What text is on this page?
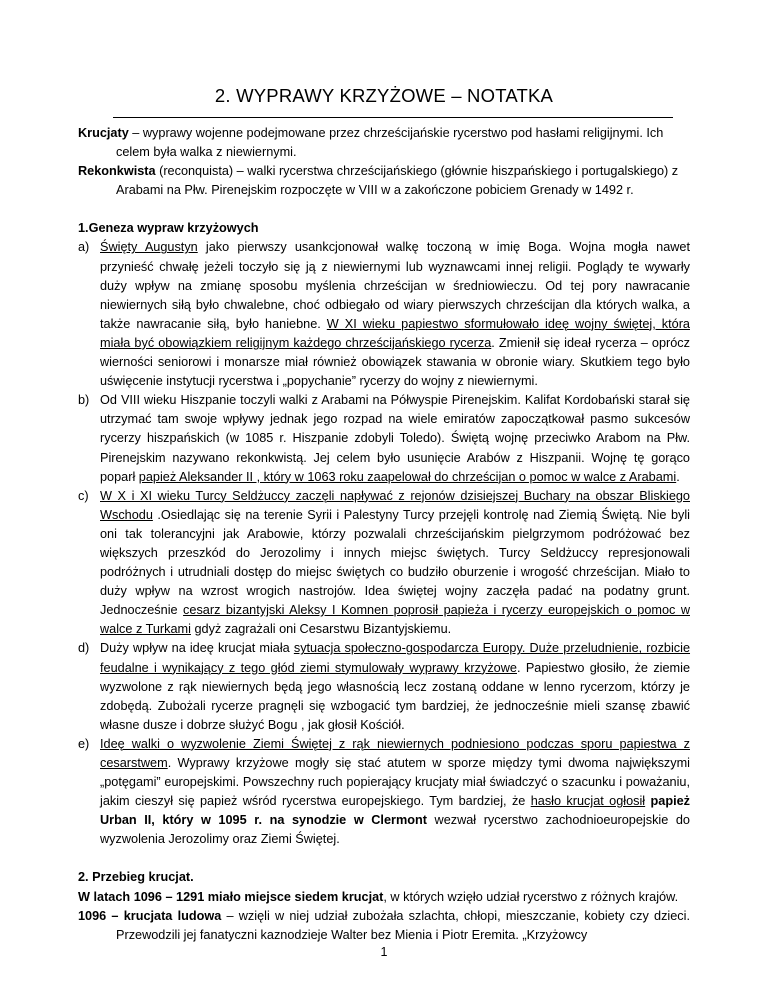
2. WYPRAWY KRZYŻOWE – NOTATKA

Krucjaty – wyprawy wojenne podejmowane przez chrześcijańskie rycerstwo pod hasłami religijnymi. Ich celem była walka z niewiernymi.

Rekonkwista (reconquista) – walki rycerstwa chrześcijańskiego (głównie hiszpańskiego i portugalskiego) z Arabami na Płw. Pirenejskim rozpoczęte w VIII w a zakończone pobiciem Grenady w 1492 r.

1.Geneza wypraw krzyżowych

a) Święty Augustyn jako pierwszy usankcjonował walkę toczoną w imię Boga. Wojna mogła nawet przynieść chwałę jeżeli toczyło się ją z niewiernymi lub wyznawcami innej religii. Poglądy te wywarły duży wpływ na zmianę sposobu myślenia chrześcijan w średniowieczu. Od tej pory nawracanie niewiernych siłą było chwalebne, choć odbiegało od wiary pierwszych chrześcijan dla których walka, a także nawracanie siłą, było haniebne. W XI wieku papiestwo sformułowało ideę wojny świętej, która miała być obowiązkiem religijnym każdego chrześcijańskiego rycerza. Zmienił się ideał rycerza – oprócz wierności seniorowi i monarsze miał również obowiązek stawania w obronie wiary. Skutkiem tego było uświęcenie instytucji rycerstwa i „popychanie” rycerzy do wojny z niewiernymi.
b) Od VIII wieku Hiszpanie toczyli walki z Arabami na Półwyspie Pirenejskim. Kalifat Kordobański starał się utrzymać tam swoje wpływy jednak jego rozpad na wiele emiratów zapoczątkował pasmo sukcesów rycerzy hiszpańskich (w 1085 r. Hiszpanie zdobyli Toledo). Świętą wojnę przeciwko Arabom na Płw. Pirenejskim nazywano rekonkwistą. Jej celem było usunięcie Arabów z Hiszpanii. Wojnę tę gorąco poparł papież Aleksander II , który w 1063 roku zaapelował do chrześcijan o pomoc w walce z Arabami.
c) W X i XI wieku Turcy Seldżuccy zaczęli napływać z rejonów dzisiejszej Buchary na obszar Bliskiego Wschodu .Osiedlając się na terenie Syrii i Palestyny Turcy przejęli kontrolę nad Ziemią Świętą. Nie byli oni tak tolerancyjni jak Arabowie, którzy pozwalali chrześcijańskim pielgrzymom podróżować bez większych przeszkód do Jerozolimy i innych miejsc świętych. Turcy Seldżuccy represjonowali podróżnych i utrudniali dostęp do miejsc świętych co budziło oburzenie i wrogość chrześcijan. Miało to duży wpływ na wzrost wrogich nastrojów. Idea świętej wojny zaczęła padać na podatny grunt. Jednocześnie cesarz bizantyjski Aleksy I Komnen poprosił papieża i rycerzy europejskich o pomoc w walce z Turkami gdyż zagrażali oni Cesarstwu Bizantyjskiemu.
d) Duży wpływ na ideę krucjat miała sytuacja społeczno-gospodarcza Europy. Duże przeludnienie, rozbicie feudalne i wynikający z tego głód ziemi stymulowały wyprawy krzyżowe. Papiestwo głosiło, że ziemie wyzwolone z rąk niewiernych będą jego własnością lecz zostaną oddane w lenno rycerzom, którzy je zdobędą. Zubożali rycerze pragnęli się wzbogacić tym bardziej, że jednocześnie mieli szansę zbawić własne dusze i dobrze służyć Bogu , jak głosił Kościół.
e) Ideę walki o wyzwolenie Ziemi Świętej z rąk niewiernych podniesiono podczas sporu papiestwa z cesarstwem. Wyprawy krzyżowe mogły się stać atutem w sporze między tymi dwoma największymi „potęgami” europejskimi. Powszechny ruch popierający krucjaty miał świadczyć o szacunku i poważaniu, jakim cieszył się papież wśród rycerstwa europejskiego. Tym bardziej, że hasło krucjat ogłosił papież Urban II, który w 1095 r. na synodzie w Clermont wezwał rycerstwo zachodnioeuropejskie do wyzwolenia Jerozolimy oraz Ziemi Świętej.

2. Przebieg krucjat.

W latach 1096 – 1291 miało miejsce siedem krucjat, w których wzięło udział rycerstwo z różnych krajów.

1096 – krucjata ludowa – wzięli w niej udział zubożała szlachta, chłopi, mieszczanie, kobiety czy dzieci. Przewodzili jej fanatyczni kaznodzieje Walter bez Mienia i Piotr Eremita. „Krzyżowcy

1
